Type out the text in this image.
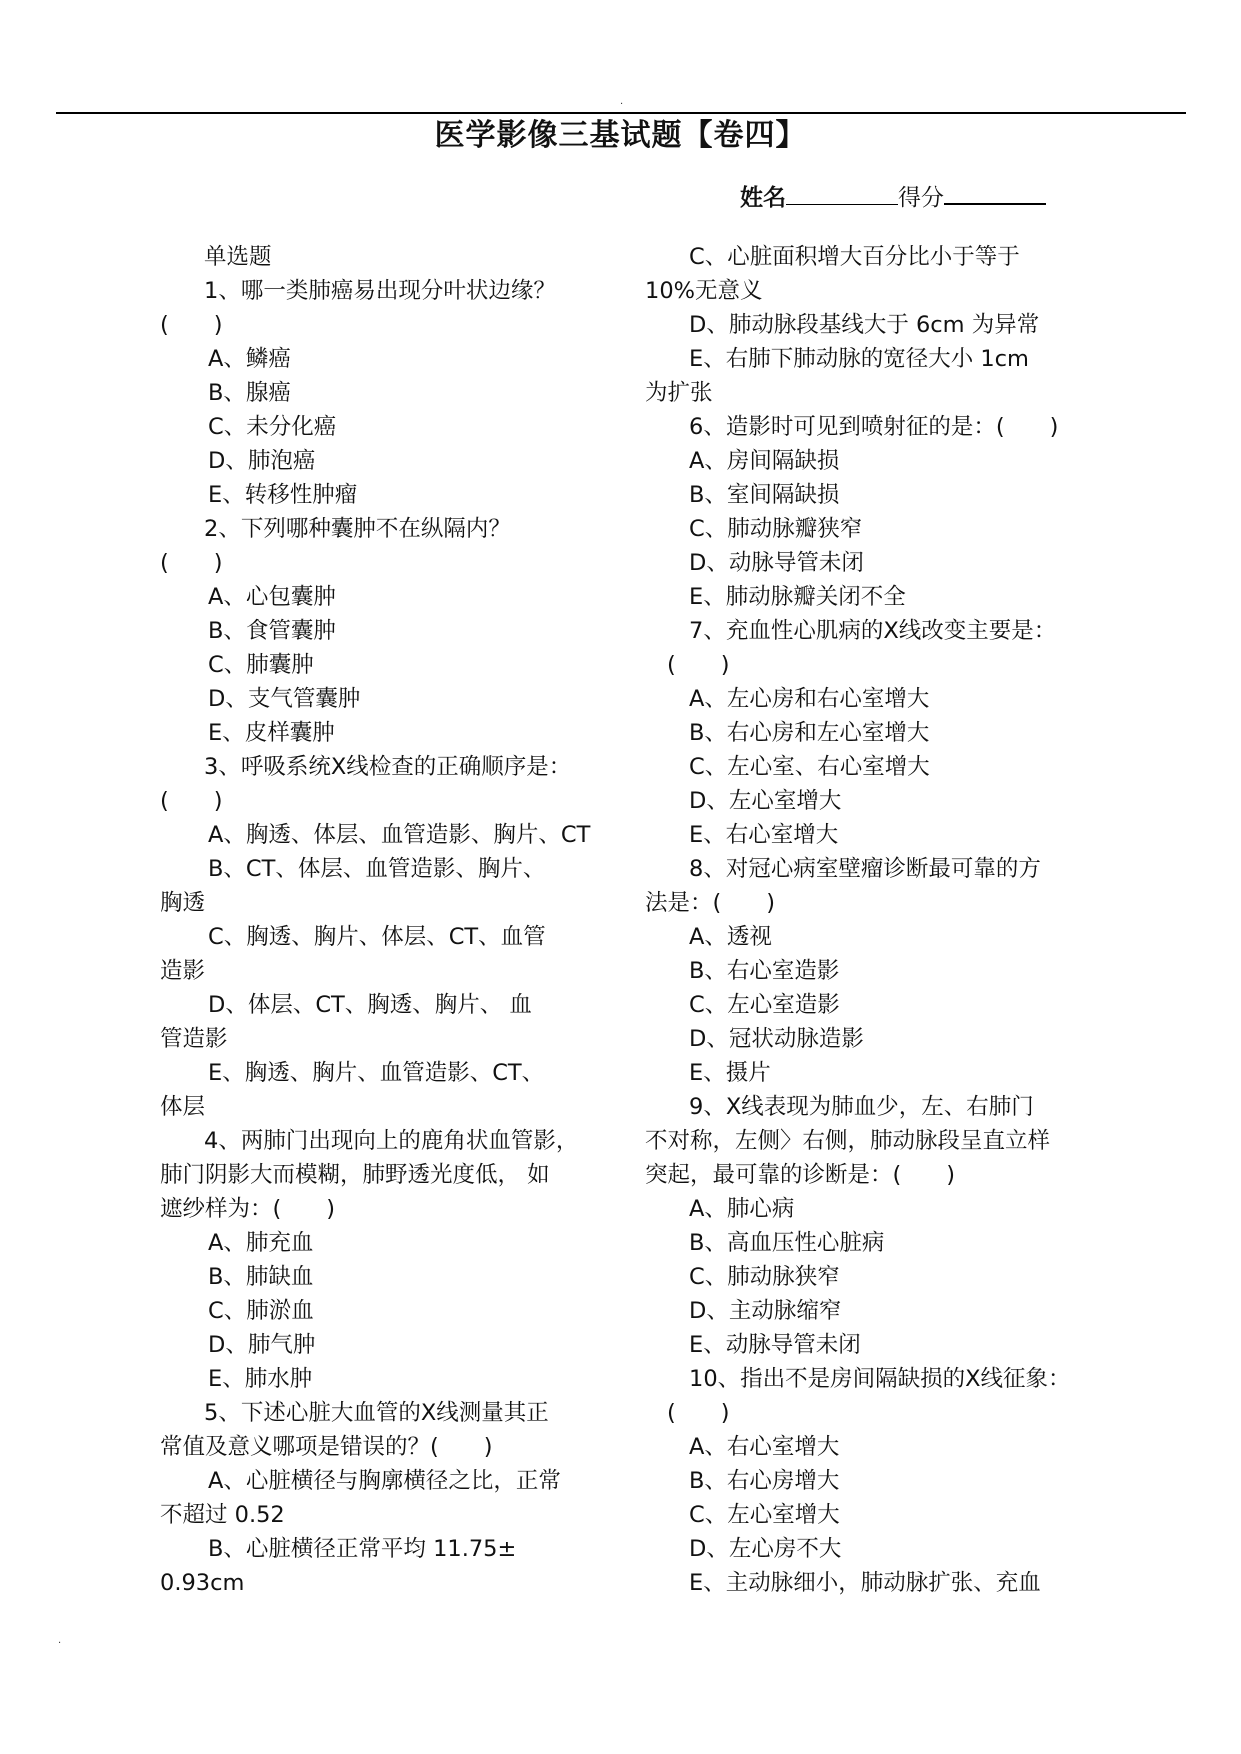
.
医学影像三基试题【卷四】
姓名	得分
单选题
1、哪一类肺癌易出现分叶状边缘？
(　　)
A、鳞癌
B、腺癌
C、未分化癌
D、肺泡癌
E、转移性肿瘤
2、下列哪种囊肿不在纵隔内？
(　　)
A、心包囊肿
B、食管囊肿
C、肺囊肿
D、支气管囊肿
E、皮样囊肿
3、呼吸系统X线检查的正确顺序是：
(　　)
A、胸透、体层、血管造影、胸片、CT
B、CT、体层、血管造影、胸片、
胸透
C、胸透、胸片、体层、CT、血管
造影
D、体层、CT、胸透、胸片、 血
管造影
E、胸透、胸片、血管造影、CT、
体层
4、两肺门出现向上的鹿角状血管影，
肺门阴影大而模糊，肺野透光度低， 如
遮纱样为：(　　)
A、肺充血
B、肺缺血
C、肺淤血
D、肺气肿
E、肺水肿
5、下述心脏大血管的X线测量其正
常值及意义哪项是错误的？(　　)
A、心脏横径与胸廓横径之比，正常
不超过 0.52
B、心脏横径正常平均 11.75±
0.93cm
C、心脏面积增大百分比小于等于
10%无意义
D、肺动脉段基线大于 6cm 为异常
E、右肺下肺动脉的宽径大小 1cm
为扩张
6、造影时可见到喷射征的是：(　　)
A、房间隔缺损
B、室间隔缺损
C、肺动脉瓣狭窄
D、动脉导管未闭
E、肺动脉瓣关闭不全
7、充血性心肌病的X线改变主要是：
(　　)
A、左心房和右心室增大
B、右心房和左心室增大
C、左心室、右心室增大
D、左心室增大
E、右心室增大
8、对冠心病室壁瘤诊断最可靠的方
法是：(　　)
A、透视
B、右心室造影
C、左心室造影
D、冠状动脉造影
E、摄片
9、X线表现为肺血少，左、右肺门
不对称，左侧〉右侧，肺动脉段呈直立样
突起，最可靠的诊断是：(　　)
A、肺心病
B、高血压性心脏病
C、肺动脉狭窄
D、主动脉缩窄
E、动脉导管未闭
10、指出不是房间隔缺损的X线征象：
(　　)
A、右心室增大
B、右心房增大
C、左心室增大
D、左心房不大
E、主动脉细小，肺动脉扩张、充血
.
